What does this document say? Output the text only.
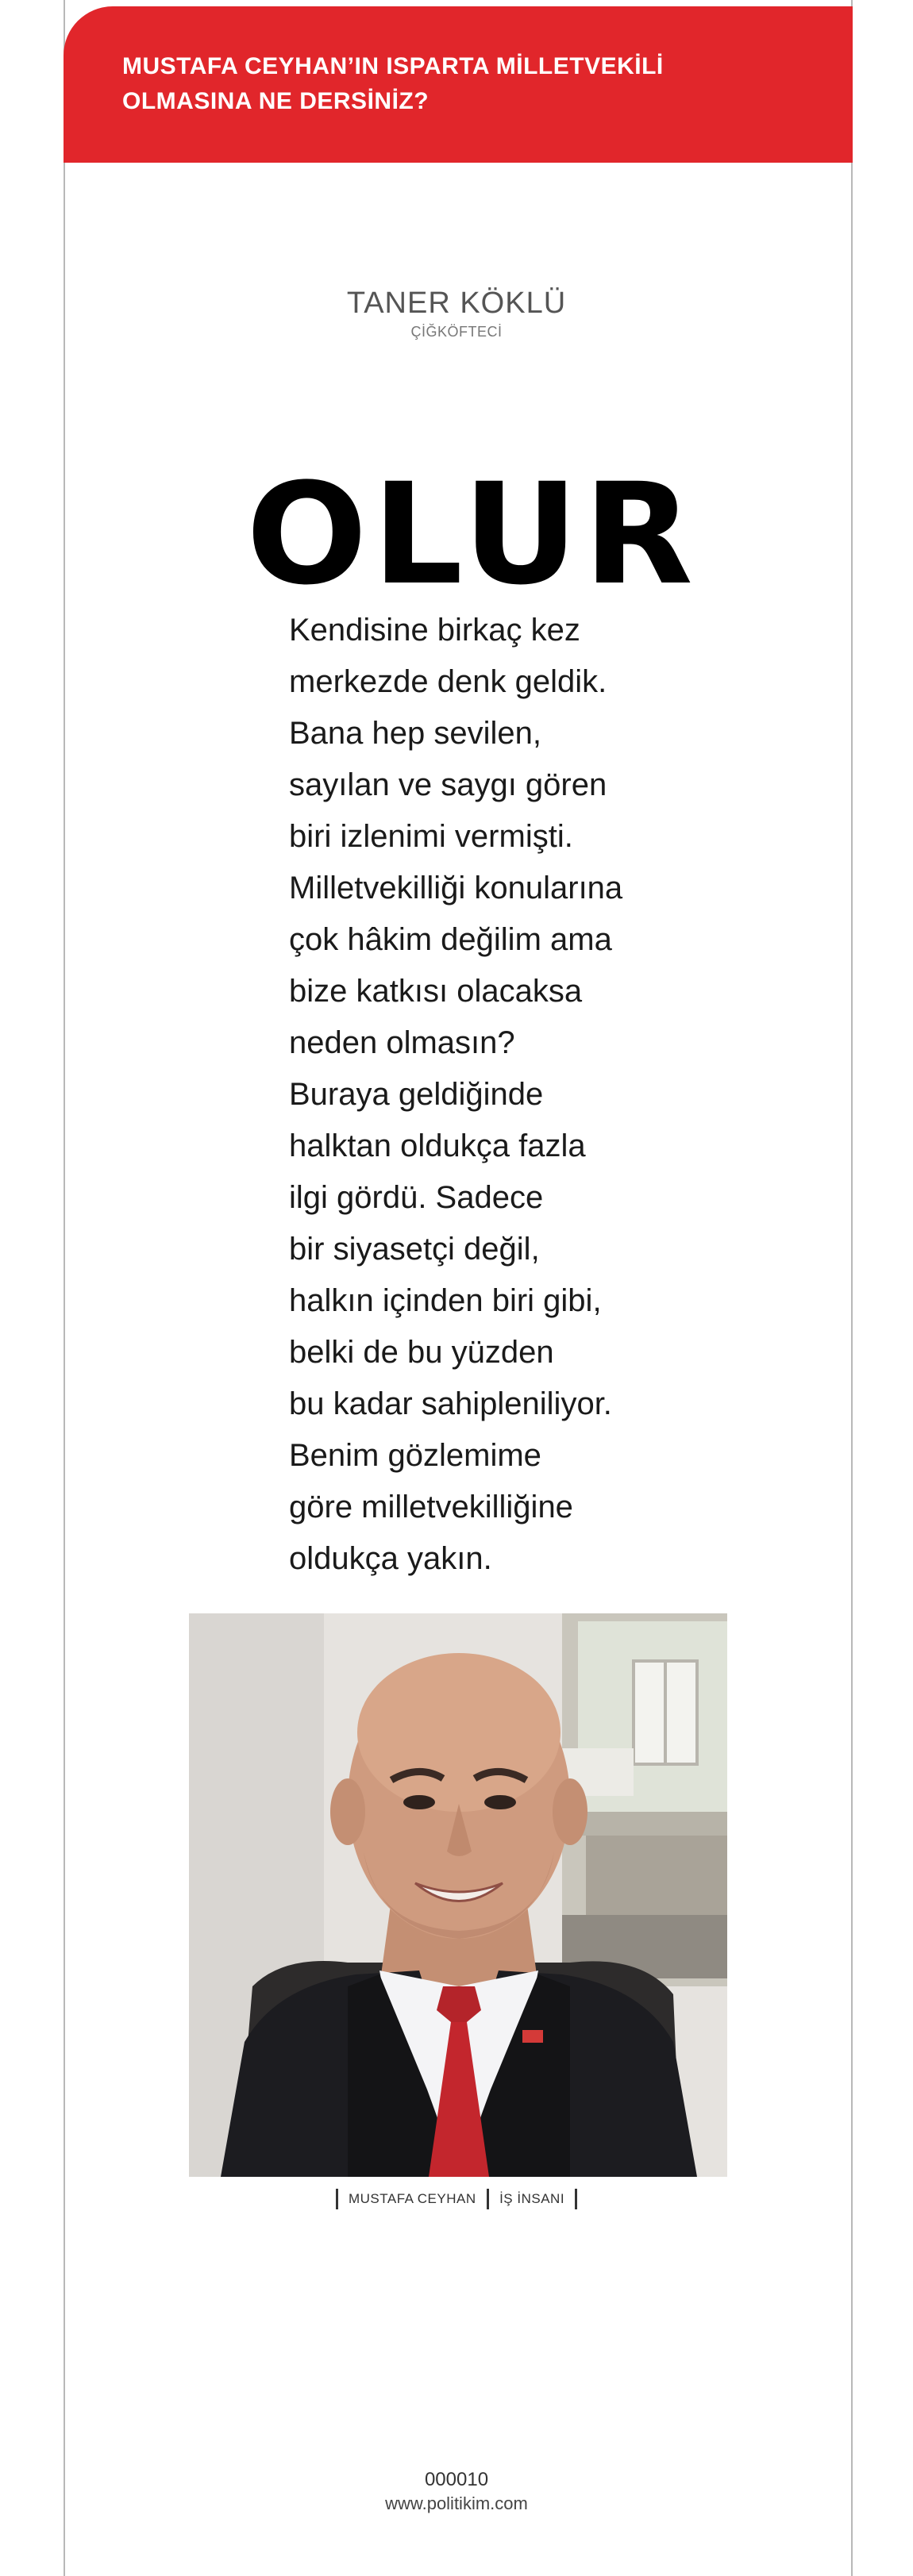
MUSTAFA CEYHAN’IN ISPARTA MİLLETVEKİLİ
OLMASINA NE DERSİNİZ?

TANER KÖKLÜ
ÇİĞKÖFTECİ
OLUR

Kendisine birkaç kez
merkezde denk geldik.
Bana hep sevilen,
sayılan ve saygı gören
biri izlenimi vermişti.
Milletvekilliği konularına
çok hâkim değilim ama
bize katkısı olacaksa
neden olmasın?
Buraya geldiğinde
halktan oldukça fazla
ilgi gördü. Sadece
bir siyasetçi değil,
halkın içinden biri gibi,
belki de bu yüzden
bu kadar sahipleniliyor.
Benim gözlemime
göre milletvekilliğine
oldukça yakın.

MUSTAFA CEYHAN İŞ İNSANI
000010
www.politikim.com
